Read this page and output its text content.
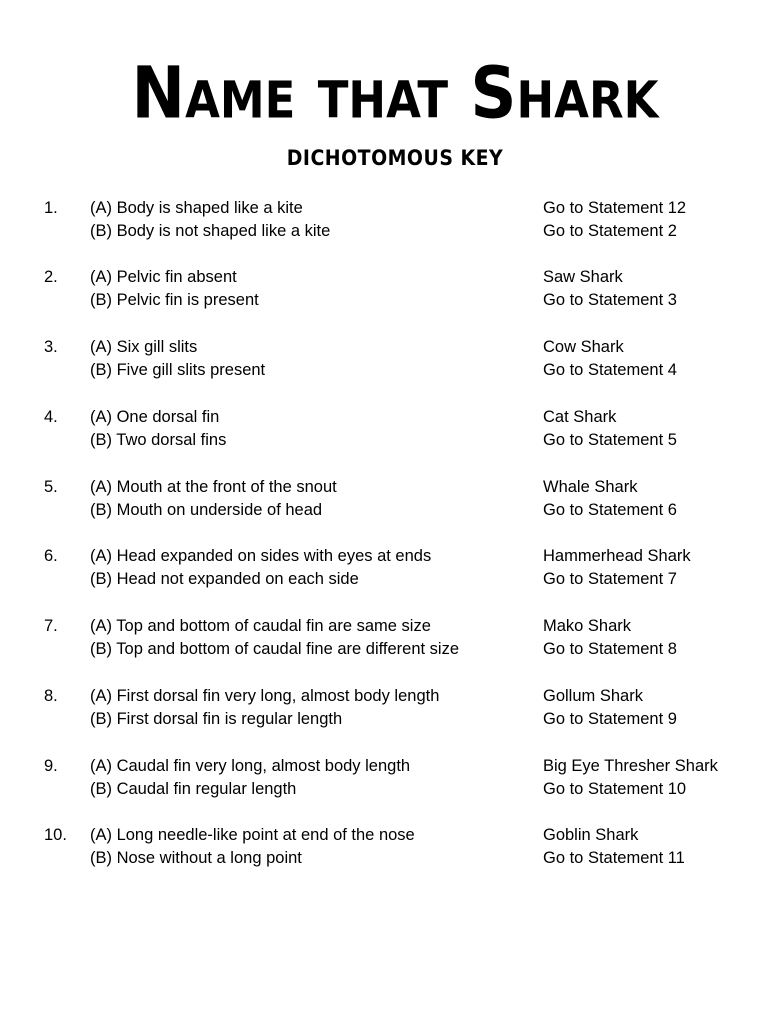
Name that Shark
DICHOTOMOUS KEY
1. (A) Body is shaped like a kite	Go to Statement 12
(B) Body is not shaped like a kite	Go to Statement 2
2. (A) Pelvic fin absent	Saw Shark
(B) Pelvic fin is present	Go to Statement 3
3. (A) Six gill slits	Cow Shark
(B) Five gill slits present	Go to Statement 4
4. (A) One dorsal fin	Cat Shark
(B) Two dorsal fins	Go to Statement 5
5. (A) Mouth at the front of the snout	Whale Shark
(B) Mouth on underside of head	Go to Statement 6
6. (A) Head expanded on sides with eyes at ends	Hammerhead Shark
(B) Head not expanded on each side	Go to Statement 7
7. (A) Top and bottom of caudal fin are same size	Mako Shark
(B) Top and bottom of caudal fine are different size	Go to Statement 8
8. (A) First dorsal fin very long, almost body length	Gollum Shark
(B) First dorsal fin is regular length	Go to Statement 9
9. (A) Caudal fin very long, almost body length	Big Eye Thresher Shark
(B) Caudal fin regular length	Go to Statement 10
10. (A) Long needle-like point at end of the nose	Goblin Shark
(B) Nose without a long point	Go to Statement 11
